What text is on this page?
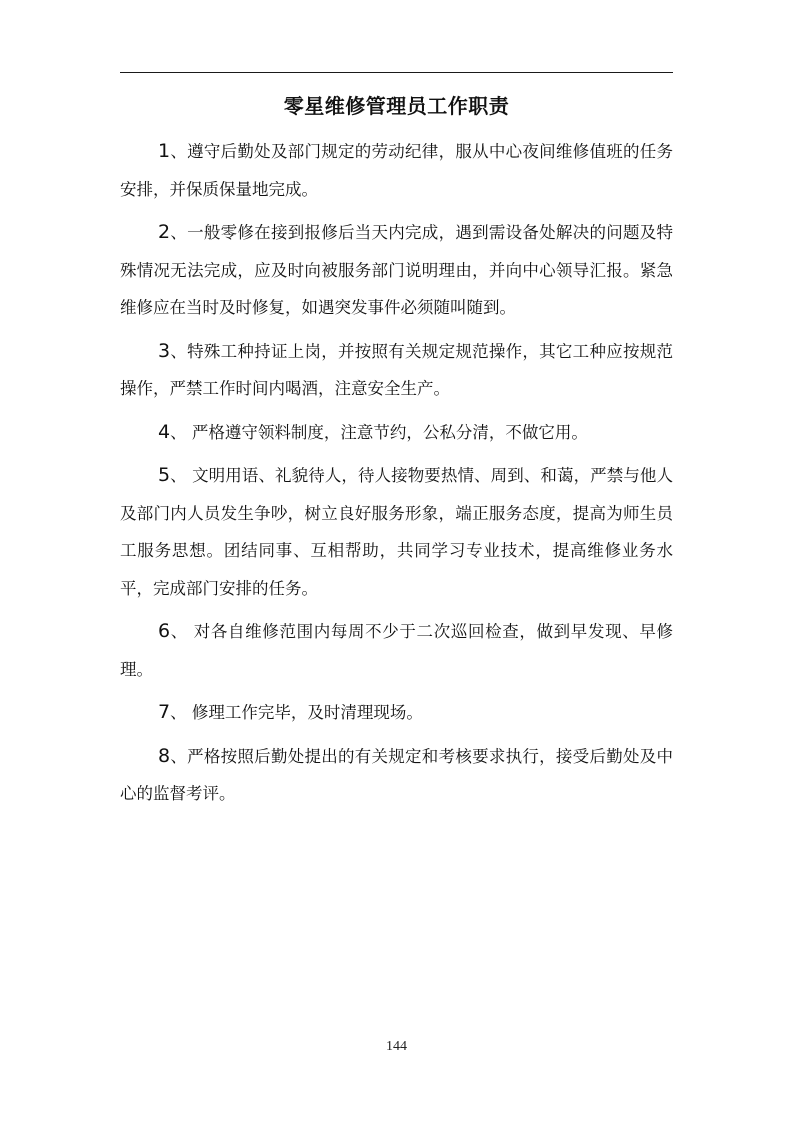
零星维修管理员工作职责

1、遵守后勤处及部门规定的劳动纪律，服从中心夜间维修值班的任务安排，并保质保量地完成。

2、一般零修在接到报修后当天内完成，遇到需设备处解决的问题及特殊情况无法完成，应及时向被服务部门说明理由，并向中心领导汇报。紧急维修应在当时及时修复，如遇突发事件必须随叫随到。

3、特殊工种持证上岗，并按照有关规定规范操作，其它工种应按规范操作，严禁工作时间内喝酒，注意安全生产。

4、 严格遵守领料制度，注意节约，公私分清，不做它用。

5、 文明用语、礼貌待人，待人接物要热情、周到、和蔼，严禁与他人及部门内人员发生争吵，树立良好服务形象，端正服务态度，提高为师生员工服务思想。团结同事、互相帮助，共同学习专业技术，提高维修业务水平，完成部门安排的任务。

6、 对各自维修范围内每周不少于二次巡回检查，做到早发现、早修理。

7、 修理工作完毕，及时清理现场。

8、严格按照后勤处提出的有关规定和考核要求执行，接受后勤处及中心的监督考评。

144
